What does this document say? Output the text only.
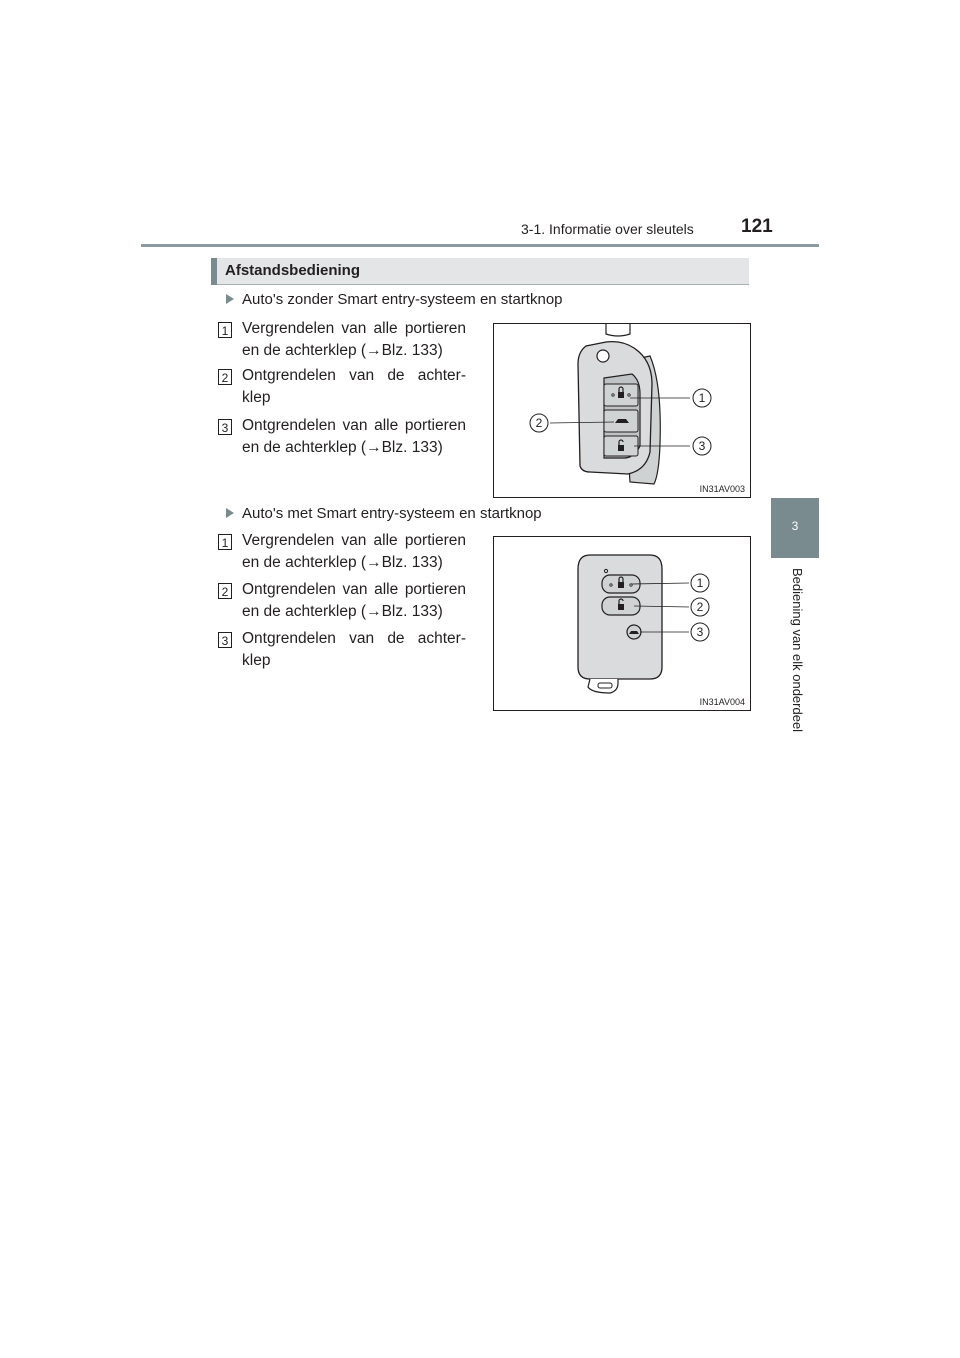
3-1. Informatie over sleutels 121
3
Bediening van elk onderdeel
Afstandsbediening
Auto's zonder Smart entry-systeem en startknop
1 Vergrendelen van alle portieren en de achterklep (→Blz. 133)
2 Ontgrendelen van de achter-klep
3 Ontgrendelen van alle portieren en de achterklep (→Blz. 133)
1
2
3
IN31AV003
Auto's met Smart entry-systeem en startknop
1 Vergrendelen van alle portieren en de achterklep (→Blz. 133)
2 Ontgrendelen van alle portieren en de achterklep (→Blz. 133)
3 Ontgrendelen van de achter-klep
1
2
3
IN31AV004
